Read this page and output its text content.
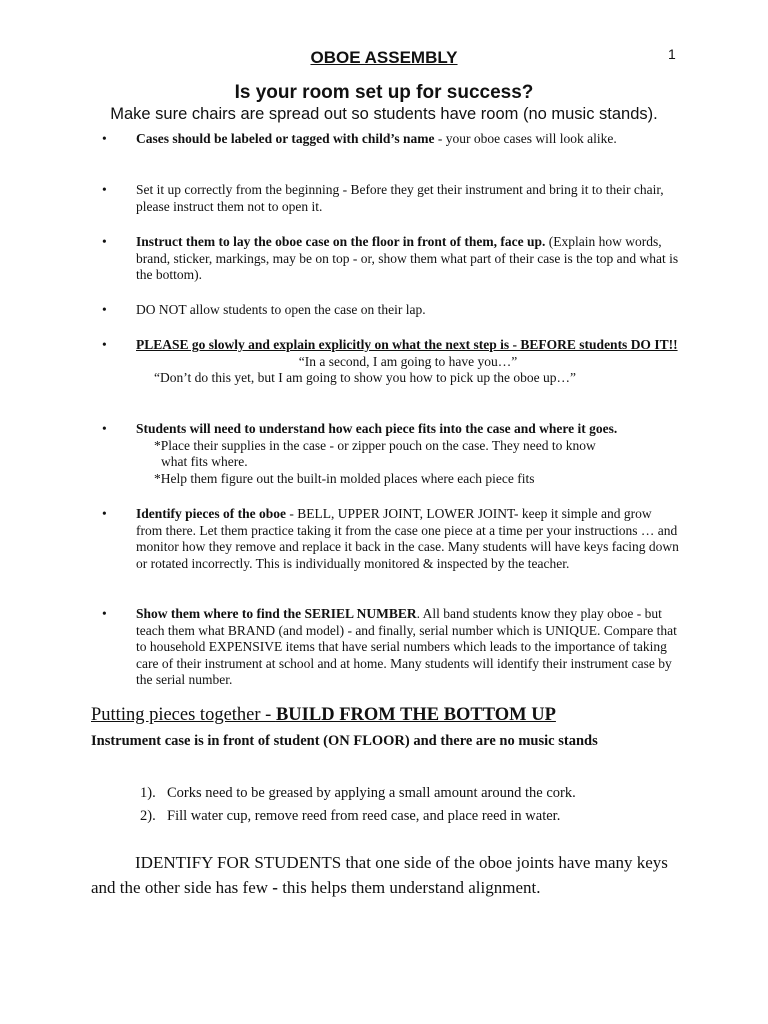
1
OBOE ASSEMBLY
Is your room set up for success?
Make sure chairs are spread out so students have room (no music stands).
• Cases should be labeled or tagged with child’s name - your oboe cases will look alike.

• Set it up correctly from the beginning - Before they get their instrument and bring it to their chair, please instruct them not to open it.

• Instruct them to lay the oboe case on the floor in front of them, face up. (Explain how words, brand, sticker, markings, may be on top - or, show them what part of their case is the top and what is the bottom).

• DO NOT allow students to open the case on their lap.

• PLEASE go slowly and explain explicitly on what the next step is - BEFORE students DO IT!!

“In a second, I am going to have you…”

“Don’t do this yet, but I am going to show you how to pick up the oboe up…”

• Students will need to understand how each piece fits into the case and where it goes.

*Place their supplies in the case - or zipper pouch on the case. They need to know

what fits where.

*Help them figure out the built-in molded places where each piece fits

• Identify pieces of the oboe - BELL, UPPER JOINT, LOWER JOINT- keep it simple and grow from there. Let them practice taking it from the case one piece at a time per your instructions … and monitor how they remove and replace it back in the case. Many students will have keys facing down or rotated incorrectly. This is individually monitored & inspected by the teacher.

• Show them where to find the SERIEL NUMBER. All band students know they play oboe - but teach them what BRAND (and model) - and finally, serial number which is UNIQUE. Compare that to household EXPENSIVE items that have serial numbers which leads to the importance of taking care of their instrument at school and at home. Many students will identify their instrument case by the serial number.

Putting pieces together - BUILD FROM THE BOTTOM UP
Instrument case is in front of student (ON FLOOR) and there are no music stands
1). Corks need to be greased by applying a small amount around the cork.
2). Fill water cup, remove reed from reed case, and place reed in water.
IDENTIFY FOR STUDENTS that one side of the oboe joints have many keys and the other side has few - this helps them understand alignment.
